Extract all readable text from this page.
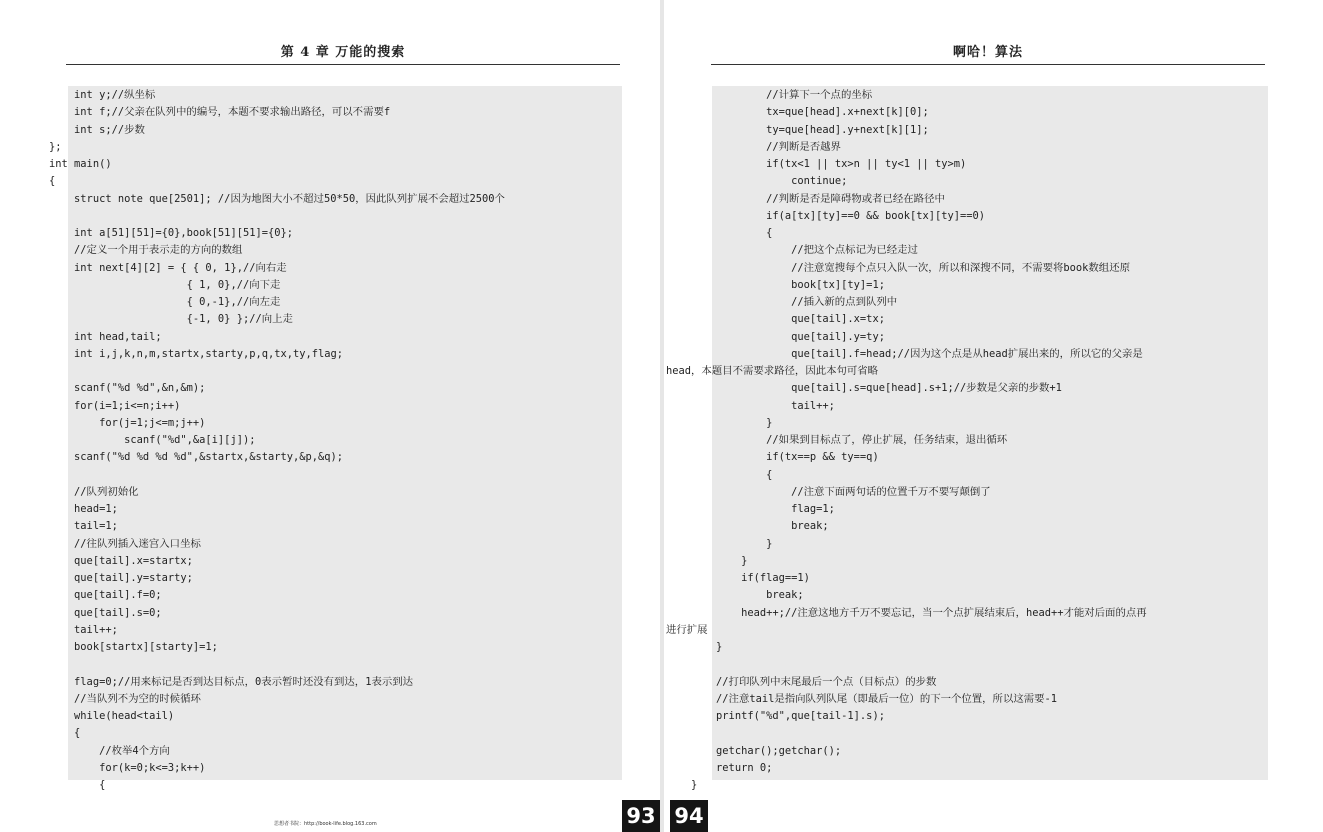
第 4 章 万能的搜索
int y;//纵坐标
int f;//父亲在队列中的编号，本题不要求输出路径，可以不需要f
int s;//步数
};
int main()
{
struct note que[2501]; //因为地图大小不超过50*50，因此队列扩展不会超过2500个
int a[51][51]={0},book[51][51]={0};
//定义一个用于表示走的方向的数组
int next[4][2] = { { 0, 1},//向右走
{ 1, 0},//向下走
{ 0,-1},//向左走
{-1, 0} };//向上走
int head,tail;
int i,j,k,n,m,startx,starty,p,q,tx,ty,flag;
scanf("%d %d",&n,&m);
for(i=1;i<=n;i++)
for(j=1;j<=m;j++)
scanf("%d",&a[i][j]);
scanf("%d %d %d %d",&startx,&starty,&p,&q);
//队列初始化
head=1;
tail=1;
//往队列插入迷宫入口坐标
que[tail].x=startx;
que[tail].y=starty;
que[tail].f=0;
que[tail].s=0;
tail++;
book[startx][starty]=1;
flag=0;//用来标记是否到达目标点，0表示暂时还没有到达，1表示到达
//当队列不为空的时候循环
while(head<tail)
{
//枚举4个方向
for(k=0;k<=3;k++)
{
思想者书院：http://book-life.blog.163.com	93
啊哈！算法
//计算下一个点的坐标
tx=que[head].x+next[k][0];
ty=que[head].y+next[k][1];
//判断是否越界
if(tx<1 || tx>n || ty<1 || ty>m)
continue;
//判断是否是障碍物或者已经在路径中
if(a[tx][ty]==0 && book[tx][ty]==0)
{
//把这个点标记为已经走过
//注意宽搜每个点只入队一次，所以和深搜不同，不需要将book数组还原
book[tx][ty]=1;
//插入新的点到队列中
que[tail].x=tx;
que[tail].y=ty;
que[tail].f=head;//因为这个点是从head扩展出来的，所以它的父亲是
head，本题目不需要求路径，因此本句可省略
que[tail].s=que[head].s+1;//步数是父亲的步数+1
tail++;
}
//如果到目标点了，停止扩展，任务结束，退出循环
if(tx==p && ty==q)
{
//注意下面两句话的位置千万不要写颠倒了
flag=1;
break;
}
}
if(flag==1)
break;
head++;//注意这地方千万不要忘记，当一个点扩展结束后，head++才能对后面的点再
进行扩展
}
//打印队列中末尾最后一个点（目标点）的步数
//注意tail是指向队列队尾（即最后一位）的下一个位置，所以这需要-1
printf("%d",que[tail-1].s);
getchar();getchar();
return 0;
}
94
